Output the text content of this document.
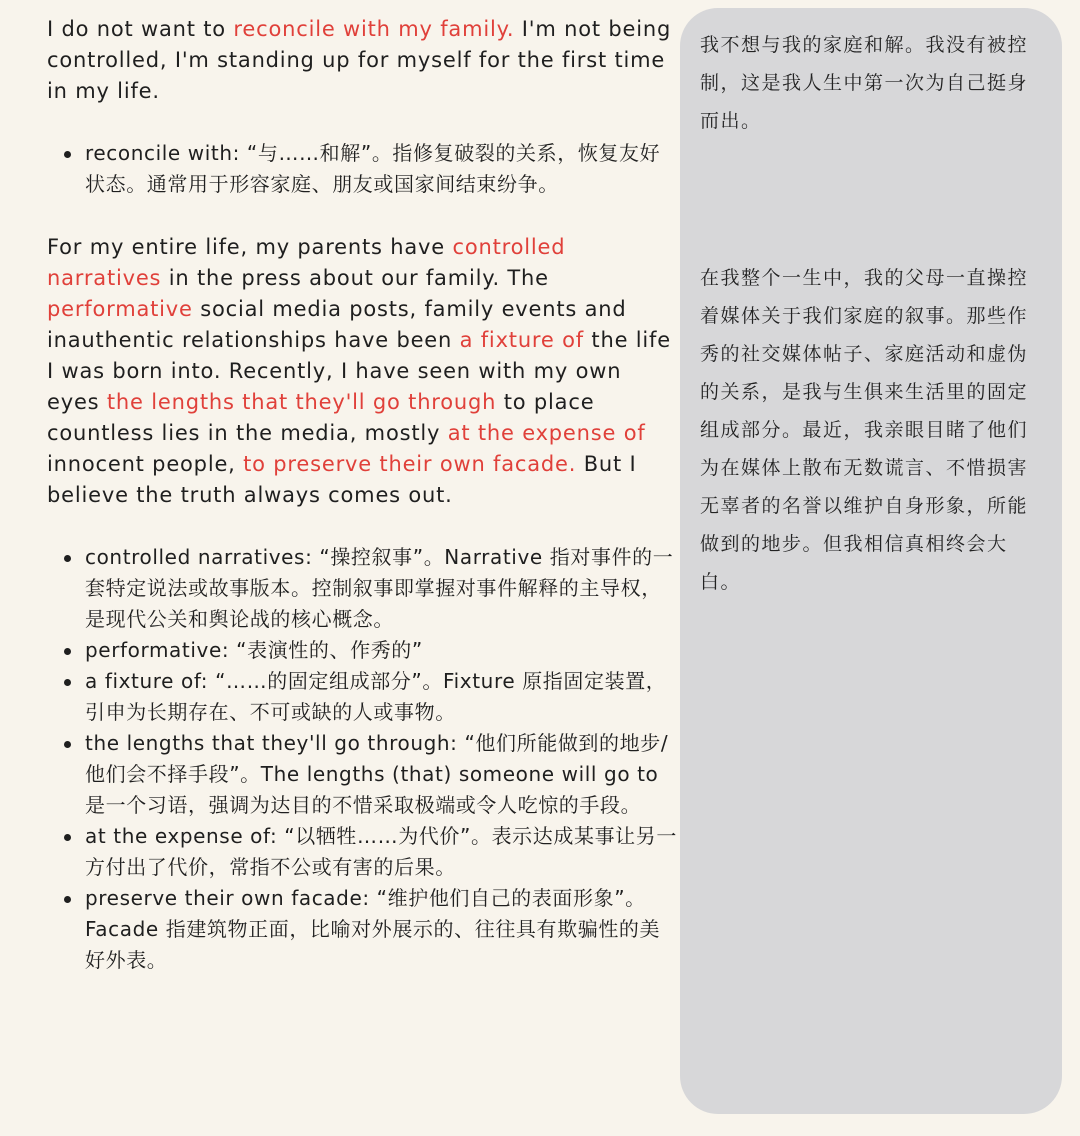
I do not want to reconcile with my family. I'm not being controlled, I'm standing up for myself for the first time in my life.

reconcile with: “与……和解”。指修复破裂的关系，恢复友好状态。通常用于形容家庭、朋友或国家间结束纷争。

For my entire life, my parents have controlled narratives in the press about our family. The performative social media posts, family events and inauthentic relationships have been a fixture of the life I was born into. Recently, I have seen with my own eyes the lengths that they'll go through to place countless lies in the media, mostly at the expense of innocent people, to preserve their own facade. But I believe the truth always comes out.

controlled narratives: “操控叙事”。Narrative 指对事件的一套特定说法或故事版本。控制叙事即掌握对事件解释的主导权，是现代公关和舆论战的核心概念。
performative: “表演性的、作秀的”
a fixture of: “……的固定组成部分”。Fixture 原指固定装置，引申为长期存在、不可或缺的人或事物。
the lengths that they'll go through: “他们所能做到的地步/他们会不择手段”。The lengths (that) someone will go to 是一个习语，强调为达目的不惜采取极端或令人吃惊的手段。
at the expense of: “以牺牲……为代价”。表示达成某事让另一方付出了代价，常指不公或有害的后果。
preserve their own facade: “维护他们自己的表面形象”。Facade 指建筑物正面，比喻对外展示的、往往具有欺骗性的美好外表。

我不想与我的家庭和解。我没有被控制，这是我人生中第一次为自己挺身而出。

在我整个一生中，我的父母一直操控着媒体关于我们家庭的叙事。那些作秀的社交媒体帖子、家庭活动和虚伪的关系，是我与生俱来生活里的固定组成部分。最近，我亲眼目睹了他们为在媒体上散布无数谎言、不惜损害无辜者的名誉以维护自身形象，所能做到的地步。但我相信真相终会大白。
